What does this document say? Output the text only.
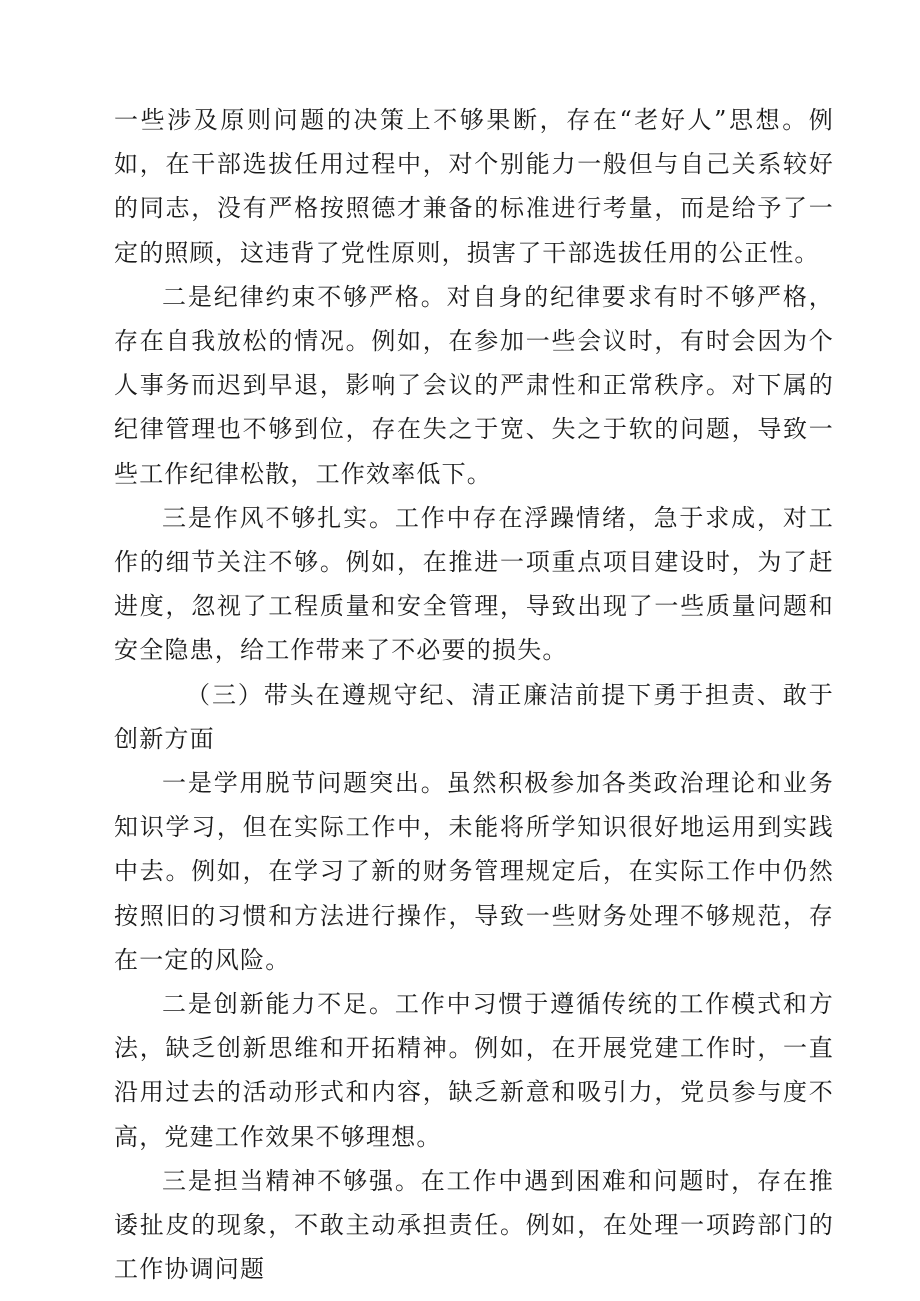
一些涉及原则问题的决策上不够果断，存在“老好人”思想。例如，在干部选拔任用过程中，对个别能力一般但与自己关系较好的同志，没有严格按照德才兼备的标准进行考量，而是给予了一定的照顾，这违背了党性原则，损害了干部选拔任用的公正性。

二是纪律约束不够严格。对自身的纪律要求有时不够严格，存在自我放松的情况。例如，在参加一些会议时，有时会因为个人事务而迟到早退，影响了会议的严肃性和正常秩序。对下属的纪律管理也不够到位，存在失之于宽、失之于软的问题，导致一些工作纪律松散，工作效率低下。

三是作风不够扎实。工作中存在浮躁情绪，急于求成，对工作的细节关注不够。例如，在推进一项重点项目建设时，为了赶进度，忽视了工程质量和安全管理，导致出现了一些质量问题和安全隐患，给工作带来了不必要的损失。

（三）带头在遵规守纪、清正廉洁前提下勇于担责、敢于创新方面

一是学用脱节问题突出。虽然积极参加各类政治理论和业务知识学习，但在实际工作中，未能将所学知识很好地运用到实践中去。例如，在学习了新的财务管理规定后，在实际工作中仍然按照旧的习惯和方法进行操作，导致一些财务处理不够规范，存在一定的风险。

二是创新能力不足。工作中习惯于遵循传统的工作模式和方法，缺乏创新思维和开拓精神。例如，在开展党建工作时，一直沿用过去的活动形式和内容，缺乏新意和吸引力，党员参与度不高，党建工作效果不够理想。

三是担当精神不够强。在工作中遇到困难和问题时，存在推诿扯皮的现象，不敢主动承担责任。例如，在处理一项跨部门的工作协调问题
